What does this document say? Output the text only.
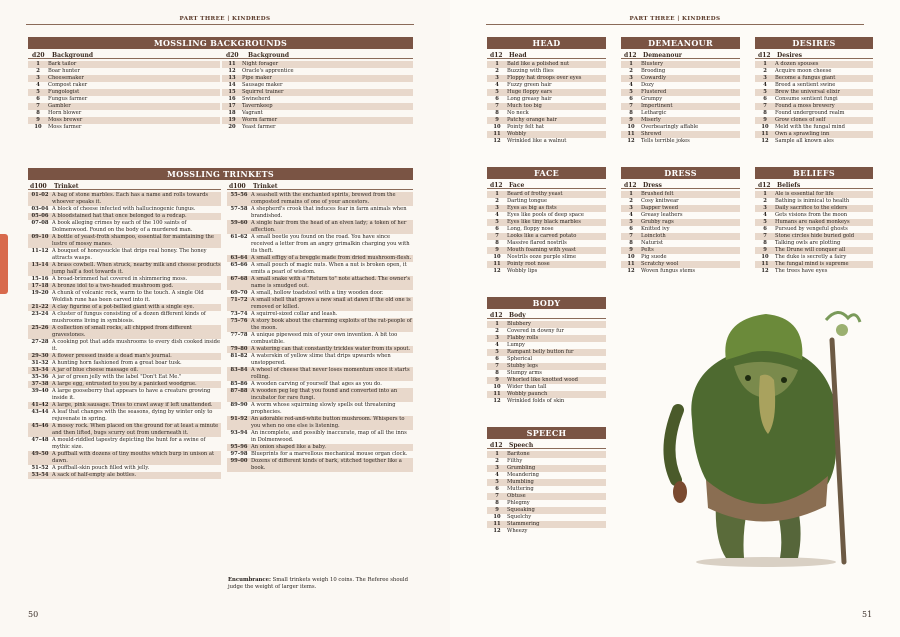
PART THREE | KINDREDS
MOSSLING BACKGROUNDS
d20 Background	d20 Background
1	Bark tailor
2	Boar hunter
3	Cheesemaker
4	Compost raker
5	Fungologist
6	Fungus farmer
7	Gambler
8	Horn blower
9	Moss brewer
10	Moss farmer
11	Night forager
12	Oracle's apprentice
13	Pipe maker
14	Sausage maker
15	Squirrel trainer
16	Swineherd
17	Tavernkeep
18	Vagrant
19	Worm farmer
20	Yeast farmer
MOSSLING TRINKETS
d100 Trinket	d100 Trinket
01–02 A bag of stone marbles. Each has a name and rolls towards whoever speaks it.
03–04 A block of cheese infected with hallucinogenic fungus.
05–06 A bloodstained hat that once belonged to a redcap.
07–08 A book alleging crimes by each of the 100 saints of Dolmenwood. Found on the body of a murdered man.
09–10 A bottle of yeast-froth shampoo, essential for maintaining the lustre of mossy manes.
11–12 A bouquet of honeysuckle that drips real honey. The honey attracts wasps.
13–14 A brass cowbell. When struck, nearby milk and cheese products jump half a foot towards it.
15–16 A broad-brimmed hat covered in shimmering moss.
17–18 A bronze idol to a two-headed mushroom god.
19–20 A chunk of volcanic rock, warm to the touch. A single Old Woldish rune has been carved into it.
21–22 A clay figurine of a pot-bellied giant with a single eye.
23–24 A cluster of fungus consisting of a dozen different kinds of mushrooms living in symbiosis.
25–26 A collection of small rocks, all chipped from different gravestones.
27–28 A cooking pot that adds mushrooms to every dish cooked inside it.
29–30 A flower pressed inside a dead man's journal.
31–32 A hunting horn fashioned from a great boar tusk.
33–34 A jar of blue cheese massage oil.
35–36 A jar of green jelly with the label "Don't Eat Me."
37–38 A large egg, entrusted to you by a panicked woodgrue.
39–40 A large gooseberry that appears to have a creature growing inside it.
41–42 A large, pink sausage. Tries to crawl away if left unattended.
43–44 A leaf that changes with the seasons, dying by winter only to rejuvenate in spring.
45–46 A mossy rock. When placed on the ground for at least a minute and then lifted, bugs scurry out from underneath it.
47–48 A mould-riddled tapestry depicting the hunt for a swine of mythic size.
49–50 A puffball with dozens of tiny mouths which burp in unison at dawn.
51–52 A puffball-skin pouch filled with jelly.
53–54 A sack of half-empty ale bottles.
55–56 A seashell with the enchanted spirits, brewed from the composted remains of one of your ancestors.
57–58 A shepherd's crook that induces fear in farm animals when brandished.
59–60 A single hair from the head of an elven lady; a token of her affection.
61–62 A small beetle you found on the road. You have since received a letter from an angry grimalkin charging you with its theft.
63–64 A small effigy of a breggle made from dried mushroom-flesh.
65–66 A small pouch of magic nuts. When a nut is broken open, it emits a pearl of wisdom.
67–68 A small snake with a "Return to" note attached. The owner's name is smudged out.
69–70 A small, hollow toadstool with a tiny wooden door.
71–72 A small shell that grows a new snail at dawn if the old one is removed or killed.
73–74 A squirrel-sized collar and leash.
75–76 A story book about the charming exploits of the rat-people of the moon.
77–78 A unique pipeweed mix of your own invention. A bit too combustible.
79–80 A watering can that constantly trickles water from its spout.
81–82 A waterskin of yellow slime that drips upwards when unstoppered.
83–84 A wheel of cheese that never loses momentum once it starts rolling.
85–86 A wooden carving of yourself that ages as you do.
87–88 A wooden peg leg that you found and converted into an incubator for rare fungi.
89–90 A worm whose squirming slowly spells out threatening prophecies.
91–92 An adorable red-and-white button mushroom. Whispers to you when no one else is listening.
93–94 An incomplete, and possibly inaccurate, map of all the inns in Dolmenwood.
95–96 An onion shaped like a baby.
97–98 Blueprints for a marvellous mechanical mouse organ clock.
99–00 Dozens of different kinds of bark, stitched together like a book.
Encumbrance: Small trinkets weigh 10 coins. The Referee should judge the weight of larger items.
50
PART THREE | KINDREDS
51
HEAD
d12 Head
1	Bald like a polished nut
2	Buzzing with flies
3	Floppy hat droops over eyes
4	Fuzzy green hair
5	Huge floppy ears
6	Long greasy hair
7	Much too big
8	No neck
9	Patchy orange hair
10	Pointy felt hat
11	Wobbly
12	Wrinkled like a walnut
DEMEANOUR
d12 Demeanour
1	Blustery
2	Brooding
3	Cowardly
4	Dozy
5	Flustered
6	Grumpy
7	Impertinent
8	Lethargic
9	Miserly
10	Overbearingly affable
11	Shrewd
12	Tells terrible jokes
DESIRES
d12 Desires
1	A dozen spouses
2	Acquire moon cheese
3	Become a fungus giant
4	Breed a sentient swine
5	Brew the universal elixir
6	Consume sentient fungi
7	Found a moss brewery
8	Found underground realm
9	Grow clones of self
10	Meld with the fungal mind
11	Own a sprawling inn
12	Sample all known ales
FACE
d12 Face
1	Beard of frothy yeast
2	Darting tongue
3	Eyes as big as fists
4	Eyes like pools of deep space
5	Eyes like tiny black marbles
6	Long, floppy nose
7	Looks like a carved potato
8	Massive flared nostrils
9	Mouth foaming with yeast
10	Nostrils ooze purple slime
11	Pointy root nose
12	Wobbly lips
DRESS
d12 Dress
1	Brushed felt
2	Cosy knitwear
3	Dapper tweed
4	Greasy leathers
5	Grubby rags
6	Knitted ivy
7	Loincloth
8	Naturist
9	Pelts
10	Pig suede
11	Scratchy wool
12	Woven fungus stems
BELIEFS
d12 Beliefs
1	Ale is essential for life
2	Bathing is inimical to health
3	Daily sacrifice to the elders
4	Gets visions from the moon
5	Humans are naked monkeys
6	Pursued by vengeful ghosts
7	Stone circles hide buried gold
8	Talking owls are plotting
9	The Drune will conquer all
10	The duke is secretly a fairy
11	The fungal mind is supreme
12	The trees have eyes
BODY
d12 Body
1	Blubbery
2	Covered in downy fur
3	Flabby rolls
4	Lumpy
5	Rampant belly button fur
6	Spherical
7	Stubby legs
8	Stumpy arms
9	Whorled like knotted wood
10	Wider than tall
11	Wobbly paunch
12	Wrinkled folds of skin
SPEECH
d12 Speech
1	Baritone
2	Filthy
3	Grumbling
4	Meandering
5	Mumbling
6	Muttering
7	Obtuse
8	Phlegmy
9	Squeaking
10	Squelchy
11	Stammering
12	Wheezy
